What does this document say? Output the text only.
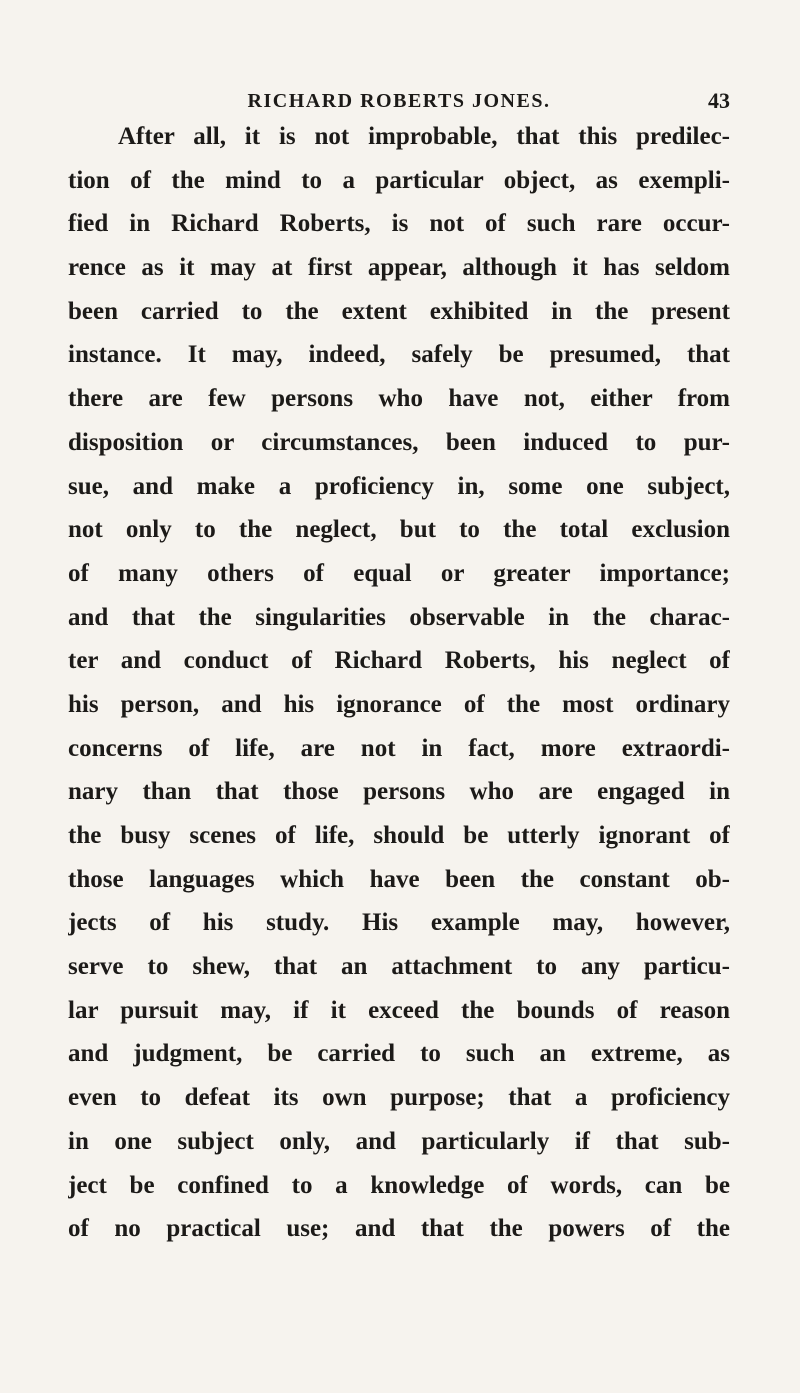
RICHARD ROBERTS JONES.	43
After all, it is not improbable, that this predilec-
tion of the mind to a particular object, as exempli-
fied in Richard Roberts, is not of such rare occur-
rence as it may at first appear, although it has seldom
been carried to the extent exhibited in the present
instance. It may, indeed, safely be presumed, that
there are few persons who have not, either from
disposition or circumstances, been induced to pur-
sue, and make a proficiency in, some one subject,
not only to the neglect, but to the total exclusion
of many others of equal or greater importance;
and that the singularities observable in the charac-
ter and conduct of Richard Roberts, his neglect of
his person, and his ignorance of the most ordinary
concerns of life, are not in fact, more extraordi-
nary than that those persons who are engaged in
the busy scenes of life, should be utterly ignorant of
those languages which have been the constant ob-
jects of his study. His example may, however,
serve to shew, that an attachment to any particu-
lar pursuit may, if it exceed the bounds of reason
and judgment, be carried to such an extreme, as
even to defeat its own purpose; that a proficiency
in one subject only, and particularly if that sub-
ject be confined to a knowledge of words, can be
of no practical use; and that the powers of the
